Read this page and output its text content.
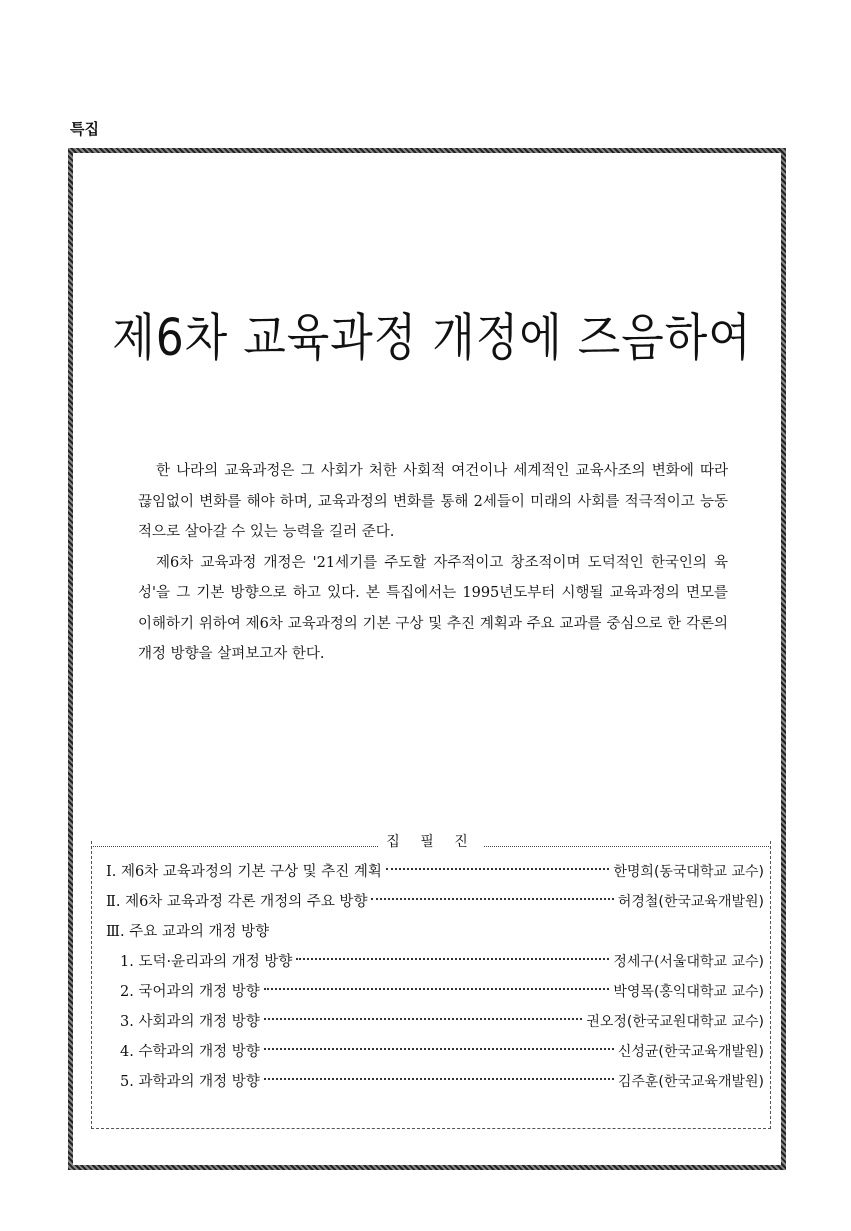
특집
제6차 교육과정 개정에 즈음하여

한 나라의 교육과정은 그 사회가 처한 사회적 여건이나 세계적인 교육사조의 변화에 따라 끊임없이 변화를 해야 하며, 교육과정의 변화를 통해 2세들이 미래의 사회를 적극적이고 능동적으로 살아갈 수 있는 능력을 길러 준다.

제6차 교육과정 개정은 '21세기를 주도할 자주적이고 창조적이며 도덕적인 한국인의 육성'을 그 기본 방향으로 하고 있다. 본 특집에서는 1995년도부터 시행될 교육과정의 면모를 이해하기 위하여 제6차 교육과정의 기본 구상 및 추진 계획과 주요 교과를 중심으로 한 각론의 개정 방향을 살펴보고자 한다.

집 필 진
Ⅰ. 제6차 교육과정의 기본 구상 및 추진 계획	한명희(동국대학교 교수)
Ⅱ. 제6차 교육과정 각론 개정의 주요 방향	허경철(한국교육개발원)
Ⅲ. 주요 교과의 개정 방향
1. 도덕·윤리과의 개정 방향	정세구(서울대학교 교수)
2. 국어과의 개정 방향	박영목(홍익대학교 교수)
3. 사회과의 개정 방향	권오정(한국교원대학교 교수)
4. 수학과의 개정 방향	신성균(한국교육개발원)
5. 과학과의 개정 방향	김주훈(한국교육개발원)
